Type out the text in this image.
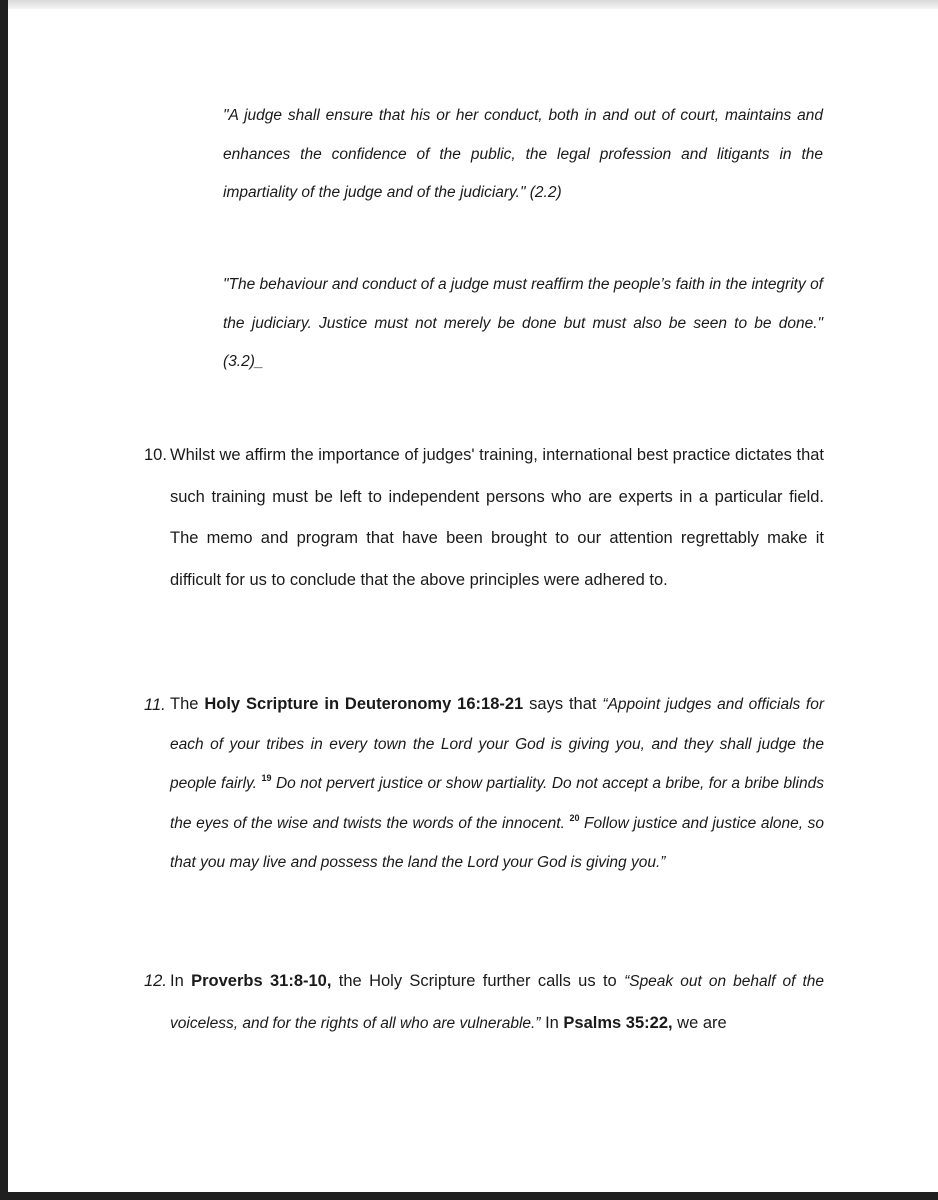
"A judge shall ensure that his or her conduct, both in and out of court, maintains and enhances the confidence of the public, the legal profession and litigants in the impartiality of the judge and of the judiciary." (2.2)

"The behaviour and conduct of a judge must reaffirm the people’s faith in the integrity of the judiciary. Justice must not merely be done but must also be seen to be done." (3.2)_

10. Whilst we affirm the importance of judges' training, international best practice dictates that such training must be left to independent persons who are experts in a particular field. The memo and program that have been brought to our attention regrettably make it difficult for us to conclude that the above principles were adhered to.
11. The Holy Scripture in Deuteronomy 16:18-21 says that “Appoint judges and officials for each of your tribes in every town the Lord your God is giving you, and they shall judge the people fairly. $^{19}$ Do not pervert justice or show partiality. Do not accept a bribe, for a bribe blinds the eyes of the wise and twists the words of the innocent. $^{20}$ Follow justice and justice alone, so that you may live and possess the land the Lord your God is giving you.”
12. In Proverbs 31:8-10, the Holy Scripture further calls us to “Speak out on behalf of the voiceless, and for the rights of all who are vulnerable.” In Psalms 35:22, we are
